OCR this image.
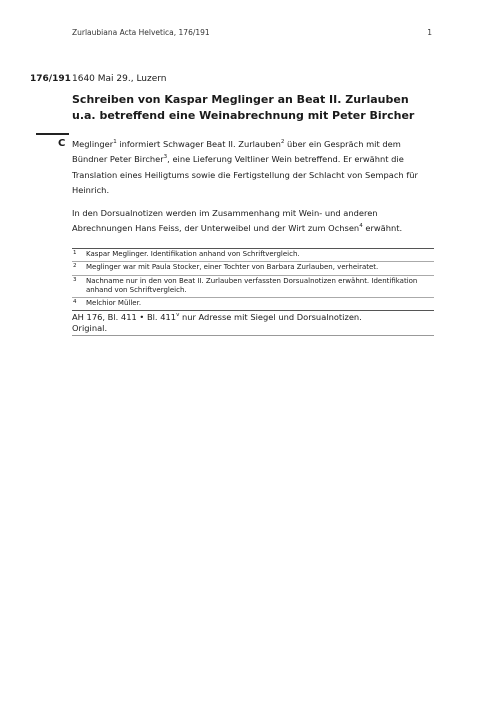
Zurlaubiana Acta Helvetica, 176/191	1
176/191 1640 Mai 29., Luzern
Schreiben von Kaspar Meglinger an Beat II. Zurlauben u.a. betreffend eine Weinabrechnung mit Peter Bircher
C Meglinger$^1$ informiert Schwager Beat II. Zurlauben$^2$ über ein Gespräch mit dem Bündner Peter Bircher$^3$, eine Lieferung Veltliner Wein betreffend. Er erwähnt die Translation eines Heiligtums sowie die Fertigstellung der Schlacht von Sempach für Heinrich.

In den Dorsualnotizen werden im Zusammenhang mit Wein- und anderen Abrechnungen Hans Feiss, der Unterweibel und der Wirt zum Ochsen$^4$ erwähnt.

1 Kaspar Meglinger. Identifikation anhand von Schriftvergleich.
2 Meglinger war mit Paula Stocker, einer Tochter von Barbara Zurlauben, verheiratet.
3 Nachname nur in den von Beat II. Zurlauben verfassten Dorsualnotizen erwähnt. Identifikation anhand von Schriftvergleich.
4 Melchior Müller.
AH 176, Bl. 411 • Bl. 411$^v$ nur Adresse mit Siegel und Dorsualnotizen.
Original.
